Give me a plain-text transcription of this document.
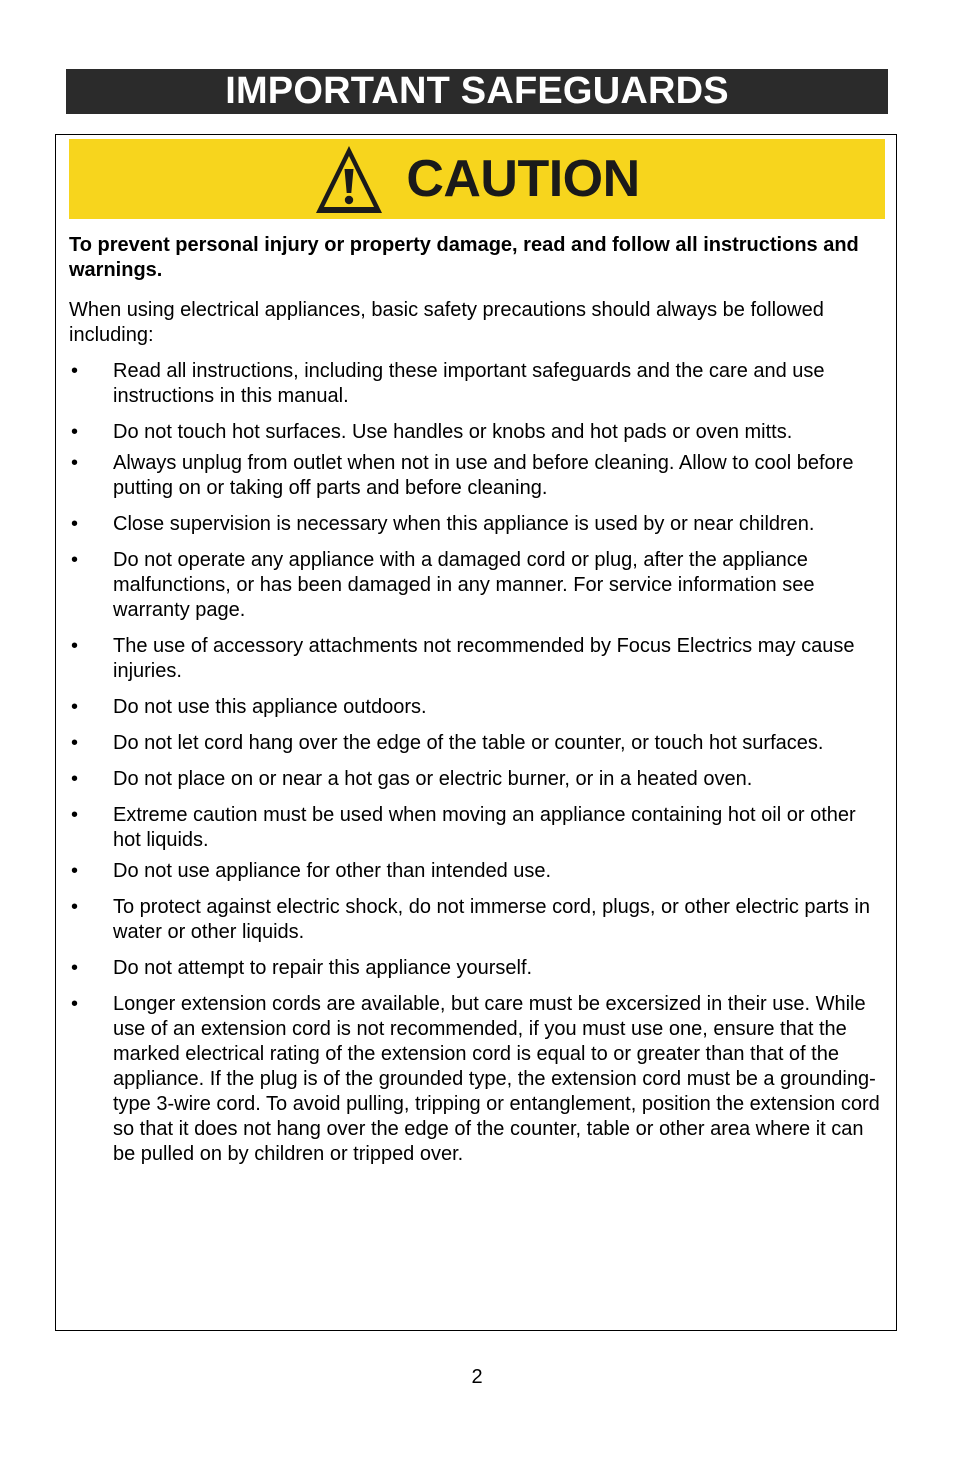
IMPORTANT SAFEGUARDS
CAUTION

To prevent personal injury or property damage, read and follow all instructions and warnings.

When using electrical appliances, basic safety precautions should always be followed including:

•	Read all instructions, including these important safeguards and the care and use instructions in this manual.
•	Do not touch hot surfaces. Use handles or knobs and hot pads or oven mitts.
•	Always unplug from outlet when not in use and before cleaning. Allow to cool before putting on or taking off parts and before cleaning.
•	Close supervision is necessary when this appliance is used by or near children.
•	Do not operate any appliance with a damaged cord or plug, after the appliance malfunctions, or has been damaged in any manner. For service information see warranty page.
•	The use of accessory attachments not recommended by Focus Electrics may cause injuries.
•	Do not use this appliance outdoors.
•	Do not let cord hang over the edge of the table or counter, or touch hot surfaces.
•	Do not place on or near a hot gas or electric burner, or in a heated oven.
•	Extreme caution must be used when moving an appliance containing hot oil or other hot liquids.
•	Do not use appliance for other than intended use.
•	To protect against electric shock, do not immerse cord, plugs, or other electric parts in water or other liquids.
•	Do not attempt to repair this appliance yourself.
•	Longer extension cords are available, but care must be excersized in their use. While use of an extension cord is not recommended, if you must use one, ensure that the marked electrical rating of the extension cord is equal to or greater than that of the appliance. If the plug is of the grounded type, the extension cord must be a grounding-type 3-wire cord. To avoid pulling, tripping or entanglement, position the extension cord so that it does not hang over the edge of the counter, table or other area where it can be pulled on by children or tripped over.
2
